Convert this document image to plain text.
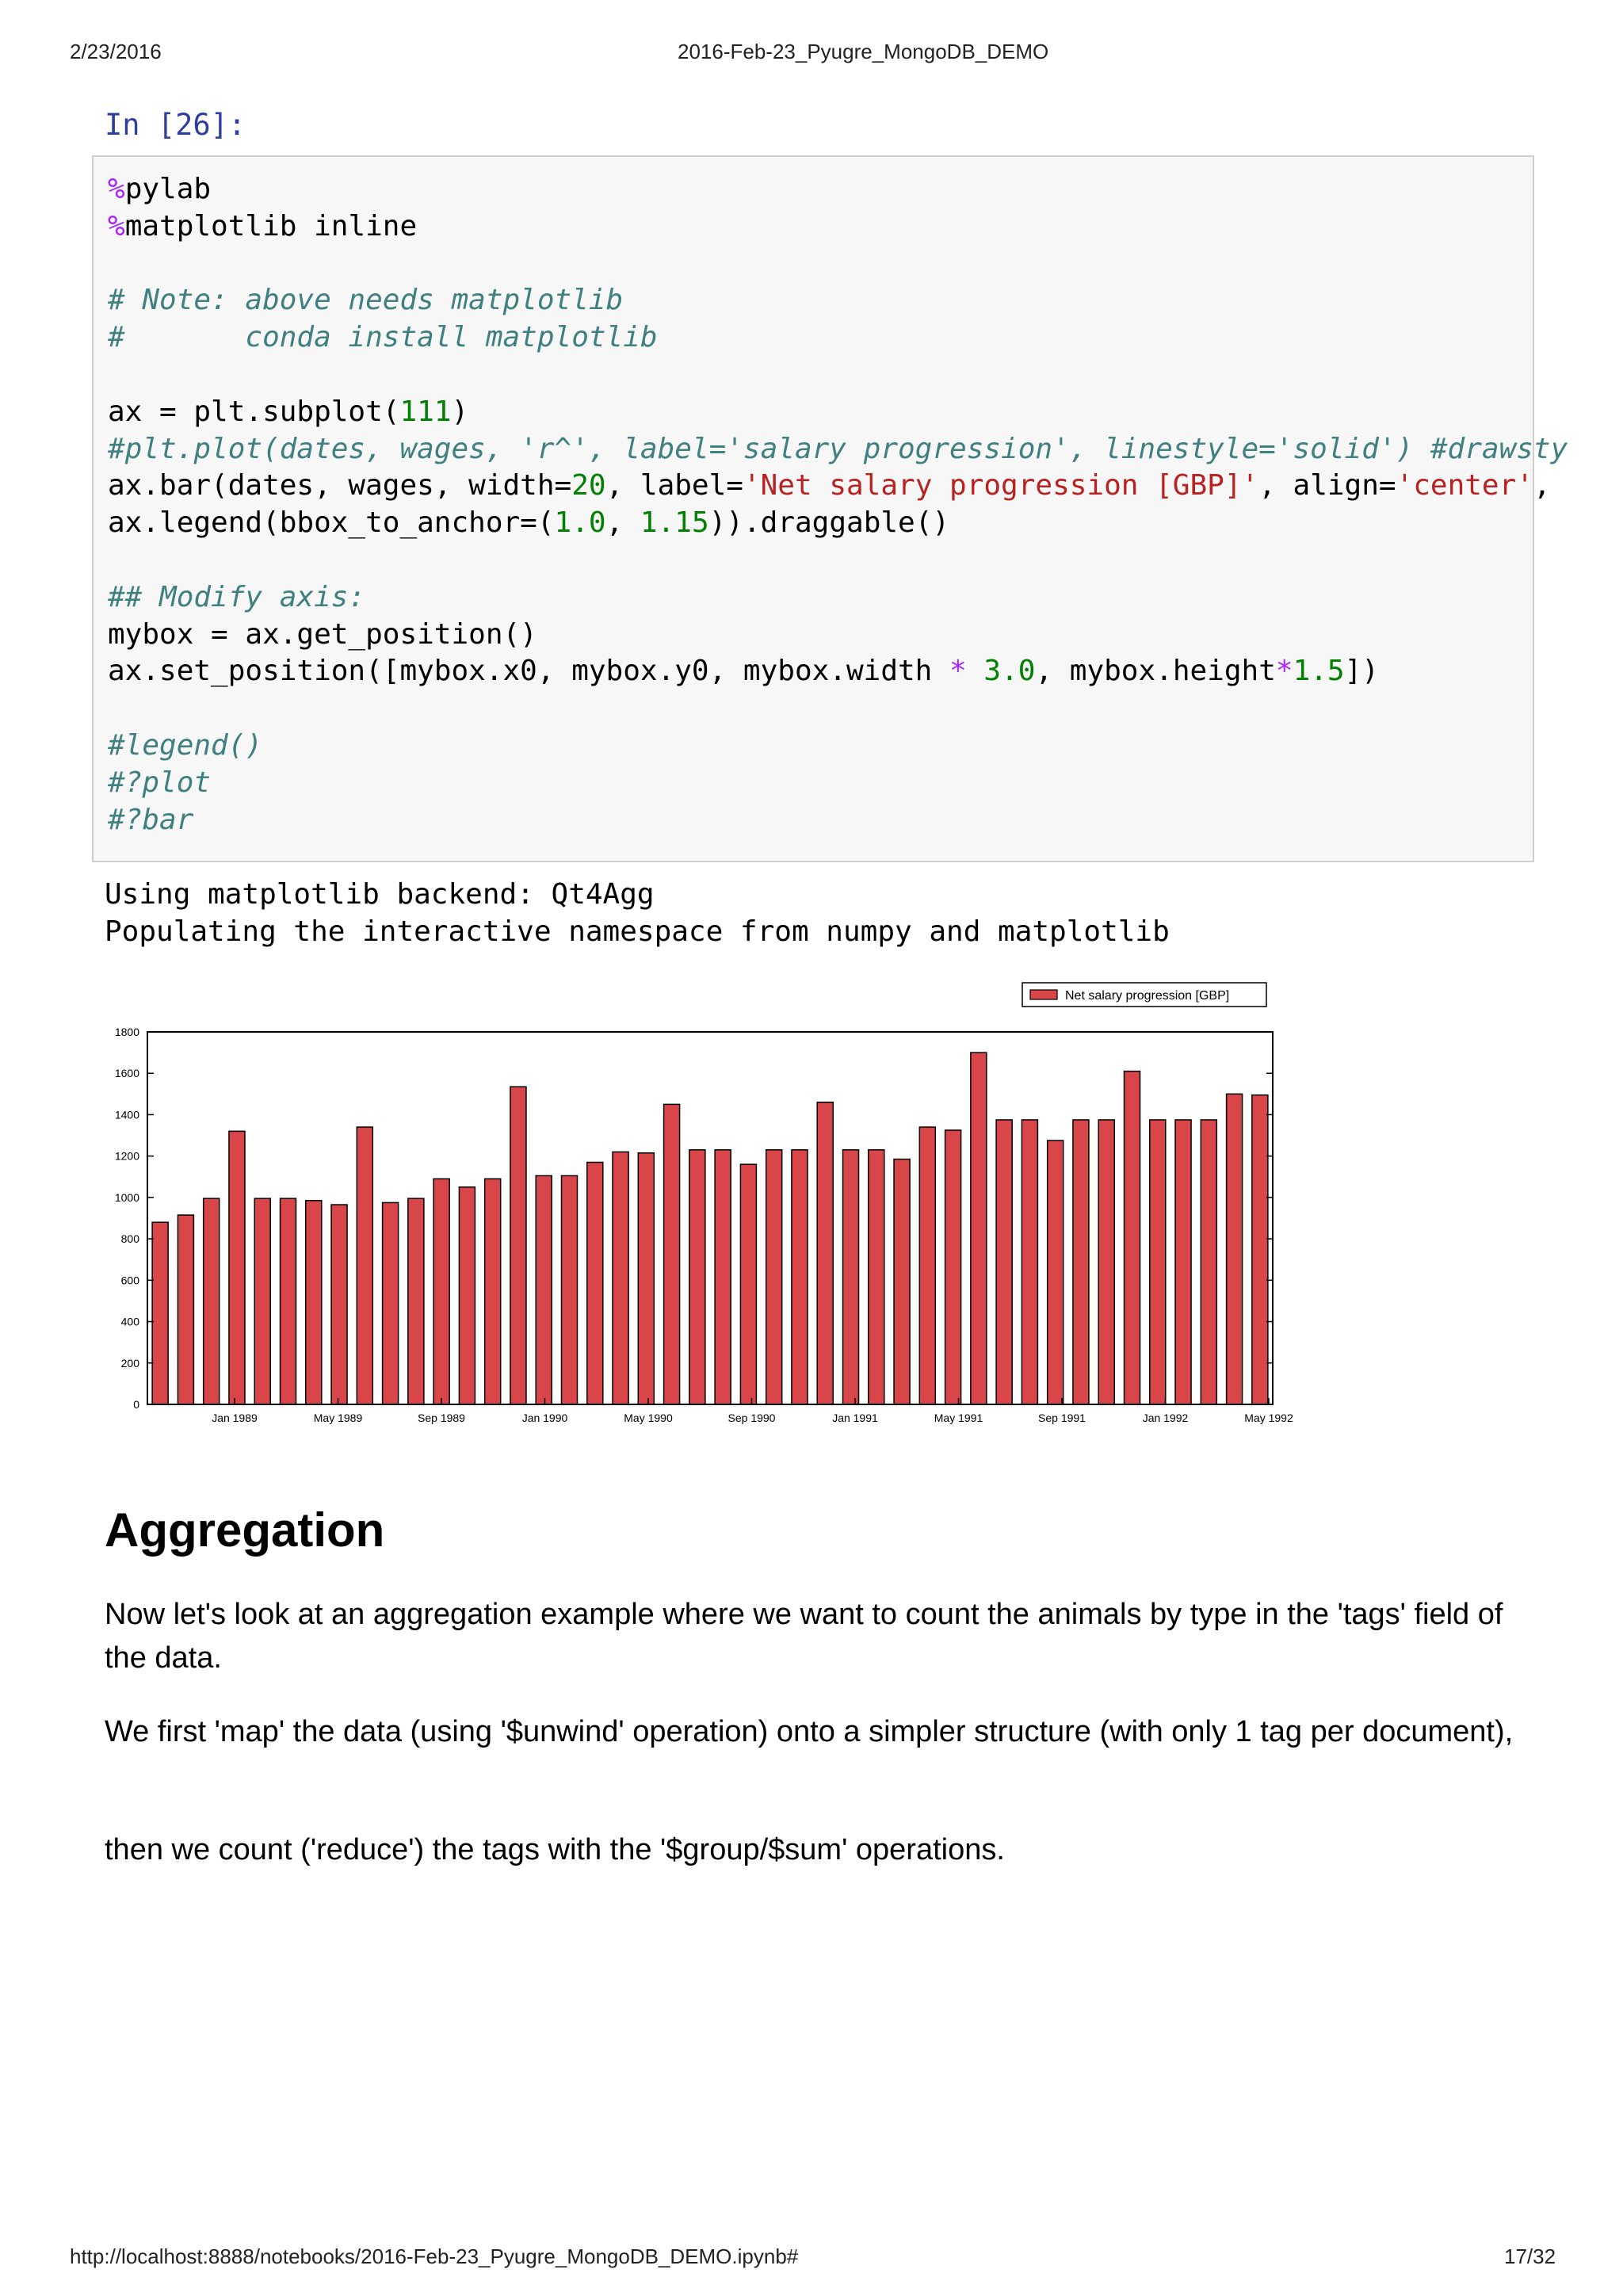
2/23/2016	2016-Feb-23_Pyugre_MongoDB_DEMO
In [26]:
%pylab
%matplotlib inline

# Note: above needs matplotlib
#       conda install matplotlib

ax = plt.subplot(111)
#plt.plot(dates, wages, 'r^', label='salary progression', linestyle='solid') #drawsty
ax.bar(dates, wages, width=20, label='Net salary progression [GBP]', align='center',
ax.legend(bbox_to_anchor=(1.0, 1.15)).draggable()

## Modify axis:
mybox = ax.get_position()
ax.set_position([mybox.x0, mybox.y0, mybox.width * 3.0, mybox.height*1.5])

#legend()
#?plot
#?bar
Using matplotlib backend: Qt4Agg
Populating the interactive namespace from numpy and matplotlib
0
200
400
600
800
1000
1200
1400
1600
1800
Jan 1989	May 1989	Sep 1989	Jan 1990	May 1990	Sep 1990	Jan 1991	May 1991	Sep 1991	Jan 1992	May 1992
Net salary progression [GBP]
Aggregation

Now let's look at an aggregation example where we want to count the animals by type in the 'tags' field of the data.

We first 'map' the data (using '$unwind' operation) onto a simpler structure (with only 1 tag per document),

then we count ('reduce') the tags with the '$group/$sum' operations.

http://localhost:8888/notebooks/2016-Feb-23_Pyugre_MongoDB_DEMO.ipynb#	17/32
